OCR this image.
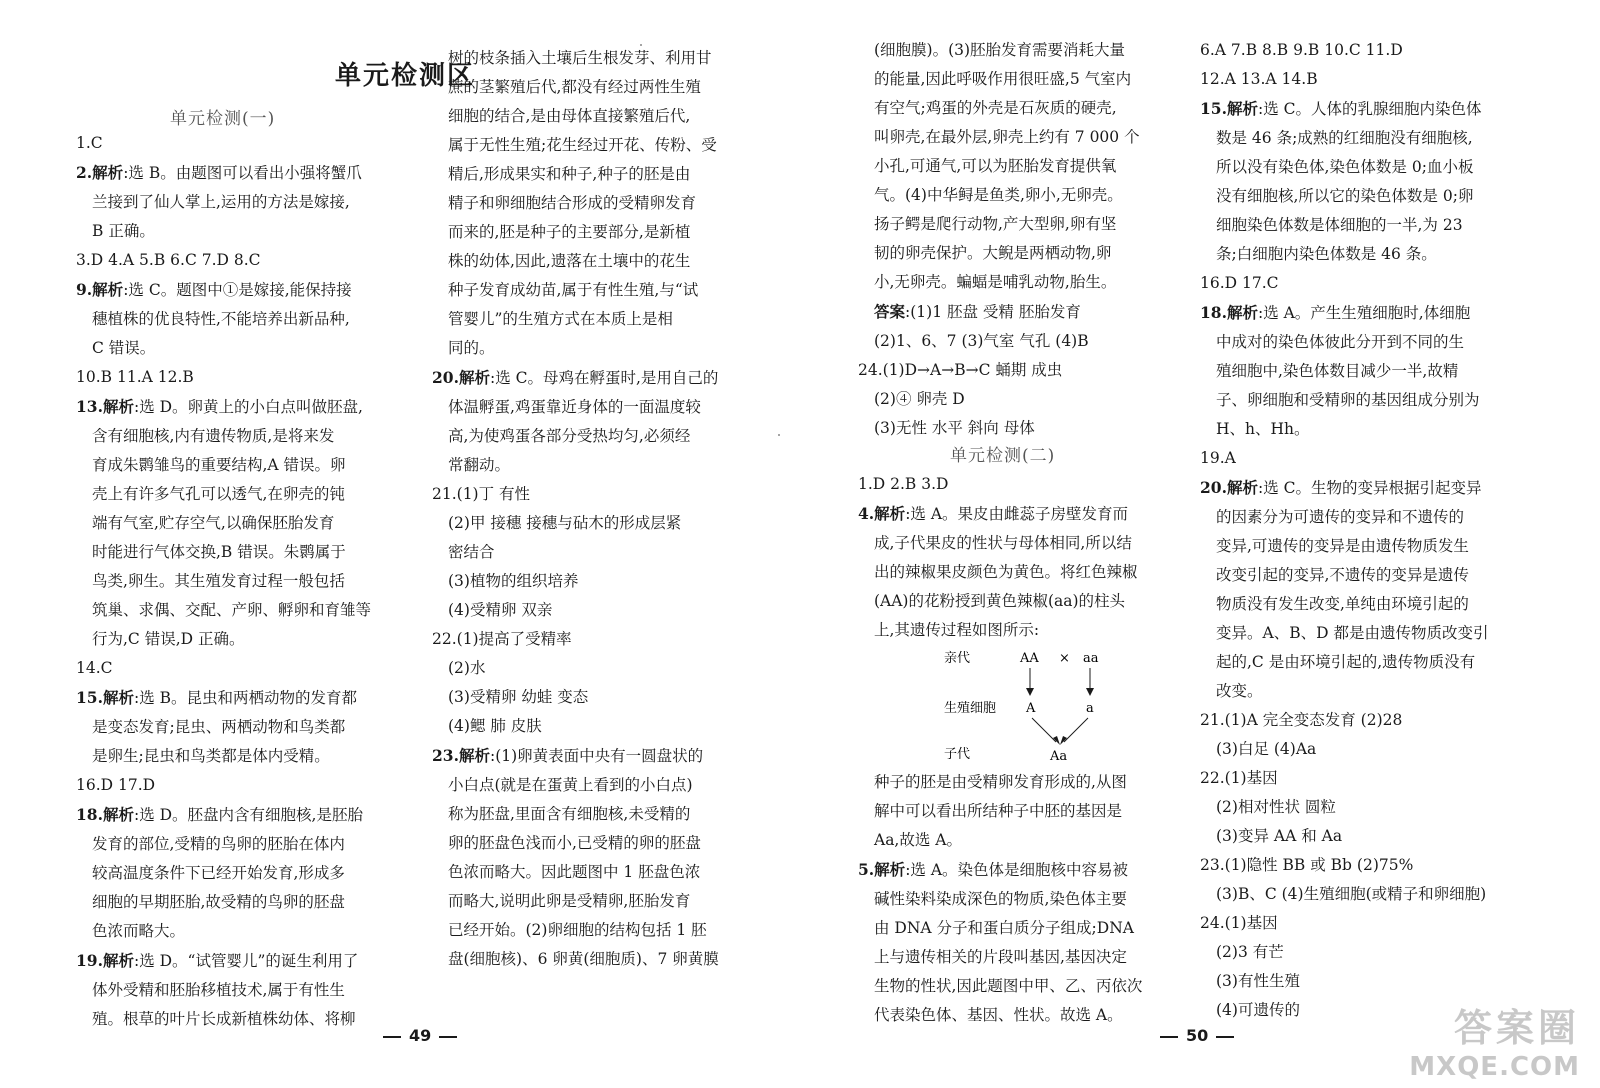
单元检测区
单元检测(一)

1.C

2.解析:选 B。由题图可以看出小强将蟹爪

兰接到了仙人掌上,运用的方法是嫁接,

B 正确。

3.D 4.A 5.B 6.C 7.D 8.C

9.解析:选 C。题图中①是嫁接,能保持接

穗植株的优良特性,不能培养出新品种,

C 错误。

10.B 11.A 12.B

13.解析:选 D。卵黄上的小白点叫做胚盘,

含有细胞核,内有遗传物质,是将来发

育成朱鹮雏鸟的重要结构,A 错误。卵

壳上有许多气孔可以透气,在卵壳的钝

端有气室,贮存空气,以确保胚胎发育

时能进行气体交换,B 错误。朱鹮属于

鸟类,卵生。其生殖发育过程一般包括

筑巢、求偶、交配、产卵、孵卵和育雏等

行为,C 错误,D 正确。

14.C

15.解析:选 B。昆虫和两栖动物的发育都

是变态发育;昆虫、两栖动物和鸟类都

是卵生;昆虫和鸟类都是体内受精。

16.D 17.D

18.解析:选 D。胚盘内含有细胞核,是胚胎

发育的部位,受精的鸟卵的胚胎在体内

较高温度条件下已经开始发育,形成多

细胞的早期胚胎,故受精的鸟卵的胚盘

色浓而略大。

19.解析:选 D。“试管婴儿”的诞生利用了

体外受精和胚胎移植技术,属于有性生

殖。根草的叶片长成新植株幼体、将柳

树的枝条插入土壤后生根发芽、利用甘

蔗的茎繁殖后代,都没有经过两性生殖

细胞的结合,是由母体直接繁殖后代,

属于无性生殖;花生经过开花、传粉、受

精后,形成果实和种子,种子的胚是由

精子和卵细胞结合形成的受精卵发育

而来的,胚是种子的主要部分,是新植

株的幼体,因此,遗落在土壤中的花生

种子发育成幼苗,属于有性生殖,与“试

管婴儿”的生殖方式在本质上是相

同的。

20.解析:选 C。母鸡在孵蛋时,是用自己的

体温孵蛋,鸡蛋靠近身体的一面温度较

高,为使鸡蛋各部分受热均匀,必须经

常翻动。

21.(1)丁 有性

(2)甲 接穗 接穗与砧木的形成层紧

密结合

(3)植物的组织培养

(4)受精卵 双亲

22.(1)提高了受精率

(2)水

(3)受精卵 幼蛙 变态

(4)鳃 肺 皮肤

23.解析:(1)卵黄表面中央有一圆盘状的

小白点(就是在蛋黄上看到的小白点)

称为胚盘,里面含有细胞核,未受精的

卵的胚盘色浅而小,已受精的卵的胚盘

色浓而略大。因此题图中 1 胚盘色浓

而略大,说明此卵是受精卵,胚胎发育

已经开始。(2)卵细胞的结构包括 1 胚

盘(细胞核)、6 卵黄(细胞质)、7 卵黄膜

49

(细胞膜)。(3)胚胎发育需要消耗大量

的能量,因此呼吸作用很旺盛,5 气室内

有空气;鸡蛋的外壳是石灰质的硬壳,

叫卵壳,在最外层,卵壳上约有 7 000 个

小孔,可通气,可以为胚胎发育提供氧

气。(4)中华鲟是鱼类,卵小,无卵壳。

扬子鳄是爬行动物,产大型卵,卵有坚

韧的卵壳保护。大鲵是两栖动物,卵

小,无卵壳。蝙蝠是哺乳动物,胎生。

答案:(1)1 胚盘 受精 胚胎发育

(2)1、6、7 (3)气室 气孔 (4)B

24.(1)D→A→B→C 蛹期 成虫

(2)④ 卵壳 D

(3)无性 水平 斜向 母体

单元检测(二)

1.D 2.B 3.D

4.解析:选 A。果皮由雌蕊子房壁发育而

成,子代果皮的性状与母体相同,所以结

出的辣椒果皮颜色为黄色。将红色辣椒

(AA)的花粉授到黄色辣椒(aa)的柱头

上,其遗传过程如图所示:

亲代	AA × aa
生殖细胞 A	a
子代	Aa

种子的胚是由受精卵发育形成的,从图

解中可以看出所结种子中胚的基因是

Aa,故选 A。

5.解析:选 A。染色体是细胞核中容易被

碱性染料染成深色的物质,染色体主要

由 DNA 分子和蛋白质分子组成;DNA

上与遗传相关的片段叫基因,基因决定

生物的性状,因此题图中甲、乙、丙依次

代表染色体、基因、性状。故选 A。

6.A 7.B 8.B 9.B 10.C 11.D

12.A 13.A 14.B

15.解析:选 C。人体的乳腺细胞内染色体

数是 46 条;成熟的红细胞没有细胞核,

所以没有染色体,染色体数是 0;血小板

没有细胞核,所以它的染色体数是 0;卵

细胞染色体数是体细胞的一半,为 23

条;白细胞内染色体数是 46 条。

16.D 17.C

18.解析:选 A。产生生殖细胞时,体细胞

中成对的染色体彼此分开到不同的生

殖细胞中,染色体数目减少一半,故精

子、卵细胞和受精卵的基因组成分别为

H、h、Hh。

19.A

20.解析:选 C。生物的变异根据引起变异

的因素分为可遗传的变异和不遗传的

变异,可遗传的变异是由遗传物质发生

改变引起的变异,不遗传的变异是遗传

物质没有发生改变,单纯由环境引起的

变异。A、B、D 都是由遗传物质改变引

起的,C 是由环境引起的,遗传物质没有

改变。

21.(1)A 完全变态发育 (2)28

(3)白足 (4)Aa

22.(1)基因

(2)相对性状 圆粒

(3)变异 AA 和 Aa

23.(1)隐性 BB 或 Bb (2)75%

(3)B、C (4)生殖细胞(或精子和卵细胞)

24.(1)基因

(2)3 有芒

(3)有性生殖

(4)可遗传的

50	答案圈
MXQE.COM
